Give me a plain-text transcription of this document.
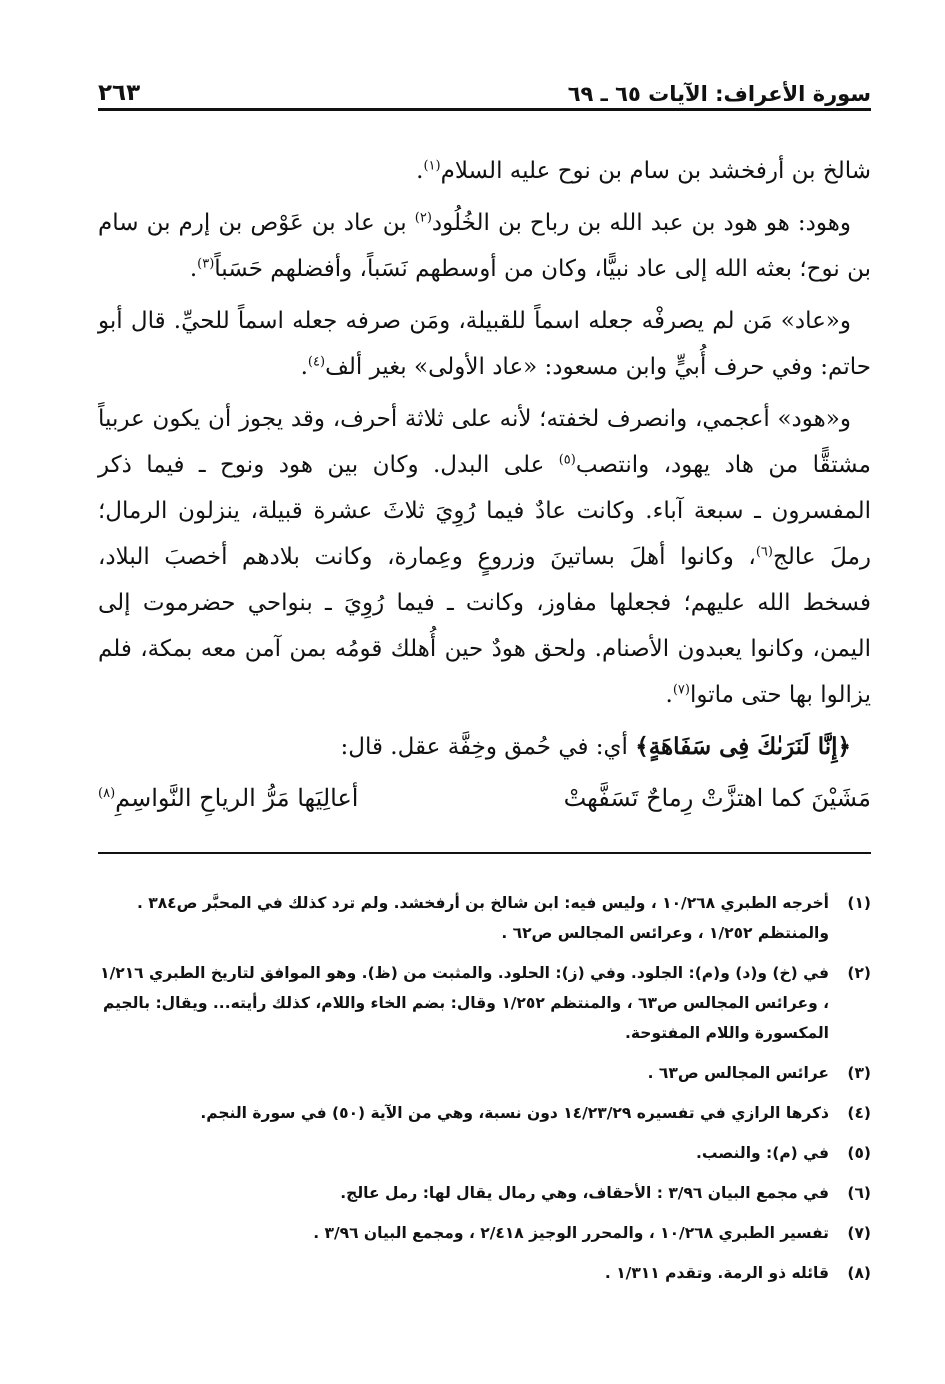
سورة الأعراف: الآيات ٦٥ ـ ٦٩
٢٦٣

شالخ بن أرفخشد بن سام بن نوح عليه السلام$^{(١)}$.

وهود: هو هود بن عبد الله بن رباح بن الخُلُود$^{(٢)}$ بن عاد بن عَوْص بن إرم بن سام بن نوح؛ بعثه الله إلى عاد نبيًّا، وكان من أوسطهم نَسَباً، وأفضلهم حَسَباً$^{(٣)}$.

و«عاد» مَن لم يصرفْه جعله اسماً للقبيلة، ومَن صرفه جعله اسماً للحيِّ. قال أبو حاتم: وفي حرف أُبيٍّ وابن مسعود: «عاد الأولى» بغير ألف$^{(٤)}$.

و«هود» أعجمي، وانصرف لخفته؛ لأنه على ثلاثة أحرف، وقد يجوز أن يكون عربياً مشتقًّا من هاد يهود، وانتصب$^{(٥)}$ على البدل. وكان بين هود ونوح ـ فيما ذكر المفسرون ـ سبعة آباء. وكانت عادٌ فيما رُوِيَ ثلاثَ عشرة قبيلة، ينزلون الرمال؛ رملَ عالج$^{(٦)}$، وكانوا أهلَ بساتينَ وزروعٍ وعِمارة، وكانت بلادهم أخصبَ البلاد، فسخط الله عليهم؛ فجعلها مفاوز، وكانت ـ فيما رُوِيَ ـ بنواحي حضرموت إلى اليمن، وكانوا يعبدون الأصنام. ولحق هودٌ حين أُهلك قومُه بمن آمن معه بمكة، فلم يزالوا بها حتى ماتوا$^{(٧)}$.

﴿إِنَّا لَنَرَىٰكَ فِى سَفَاهَةٍ﴾ أي: في حُمق وخِفَّة عقل. قال:

مَشَيْنَ كما اهتزَّتْ رِماحٌ تَسَفَّهتْ
أعالِيَها مَرُّ الرياحِ النَّواسِمِ$^{(٨)}$
(١)
أخرجه الطبري ١٠/٢٦٨ ، وليس فيه: ابن شالخ بن أرفخشد. ولم ترد كذلك في المحبَّر ص٣٨٤ . والمنتظم ١/٢٥٢ ، وعرائس المجالس ص٦٢ .
(٢)
في (خ) و(د) و(م): الجلود. وفي (ز): الحلود. والمثبت من (ظ). وهو الموافق لتاريخ الطبري ١/٢١٦ ، وعرائس المجالس ص٦٣ ، والمنتظم ١/٢٥٢ وقال: بضم الخاء واللام، كذلك رأيته... ويقال: بالجيم المكسورة واللام المفتوحة.
(٣)
عرائس المجالس ص٦٣ .
(٤)
ذكرها الرازي في تفسيره ١٤/٢٣/٢٩ دون نسبة، وهي من الآية (٥٠) في سورة النجم.
(٥)
في (م): والنصب.
(٦)
في مجمع البيان ٣/٩٦ : الأحقاف، وهي رمال يقال لها: رمل عالج.
(٧)
تفسير الطبري ١٠/٢٦٨ ، والمحرر الوجيز ٢/٤١٨ ، ومجمع البيان ٣/٩٦ .
(٨)
قائله ذو الرمة. وتقدم ١/٣١١ .
